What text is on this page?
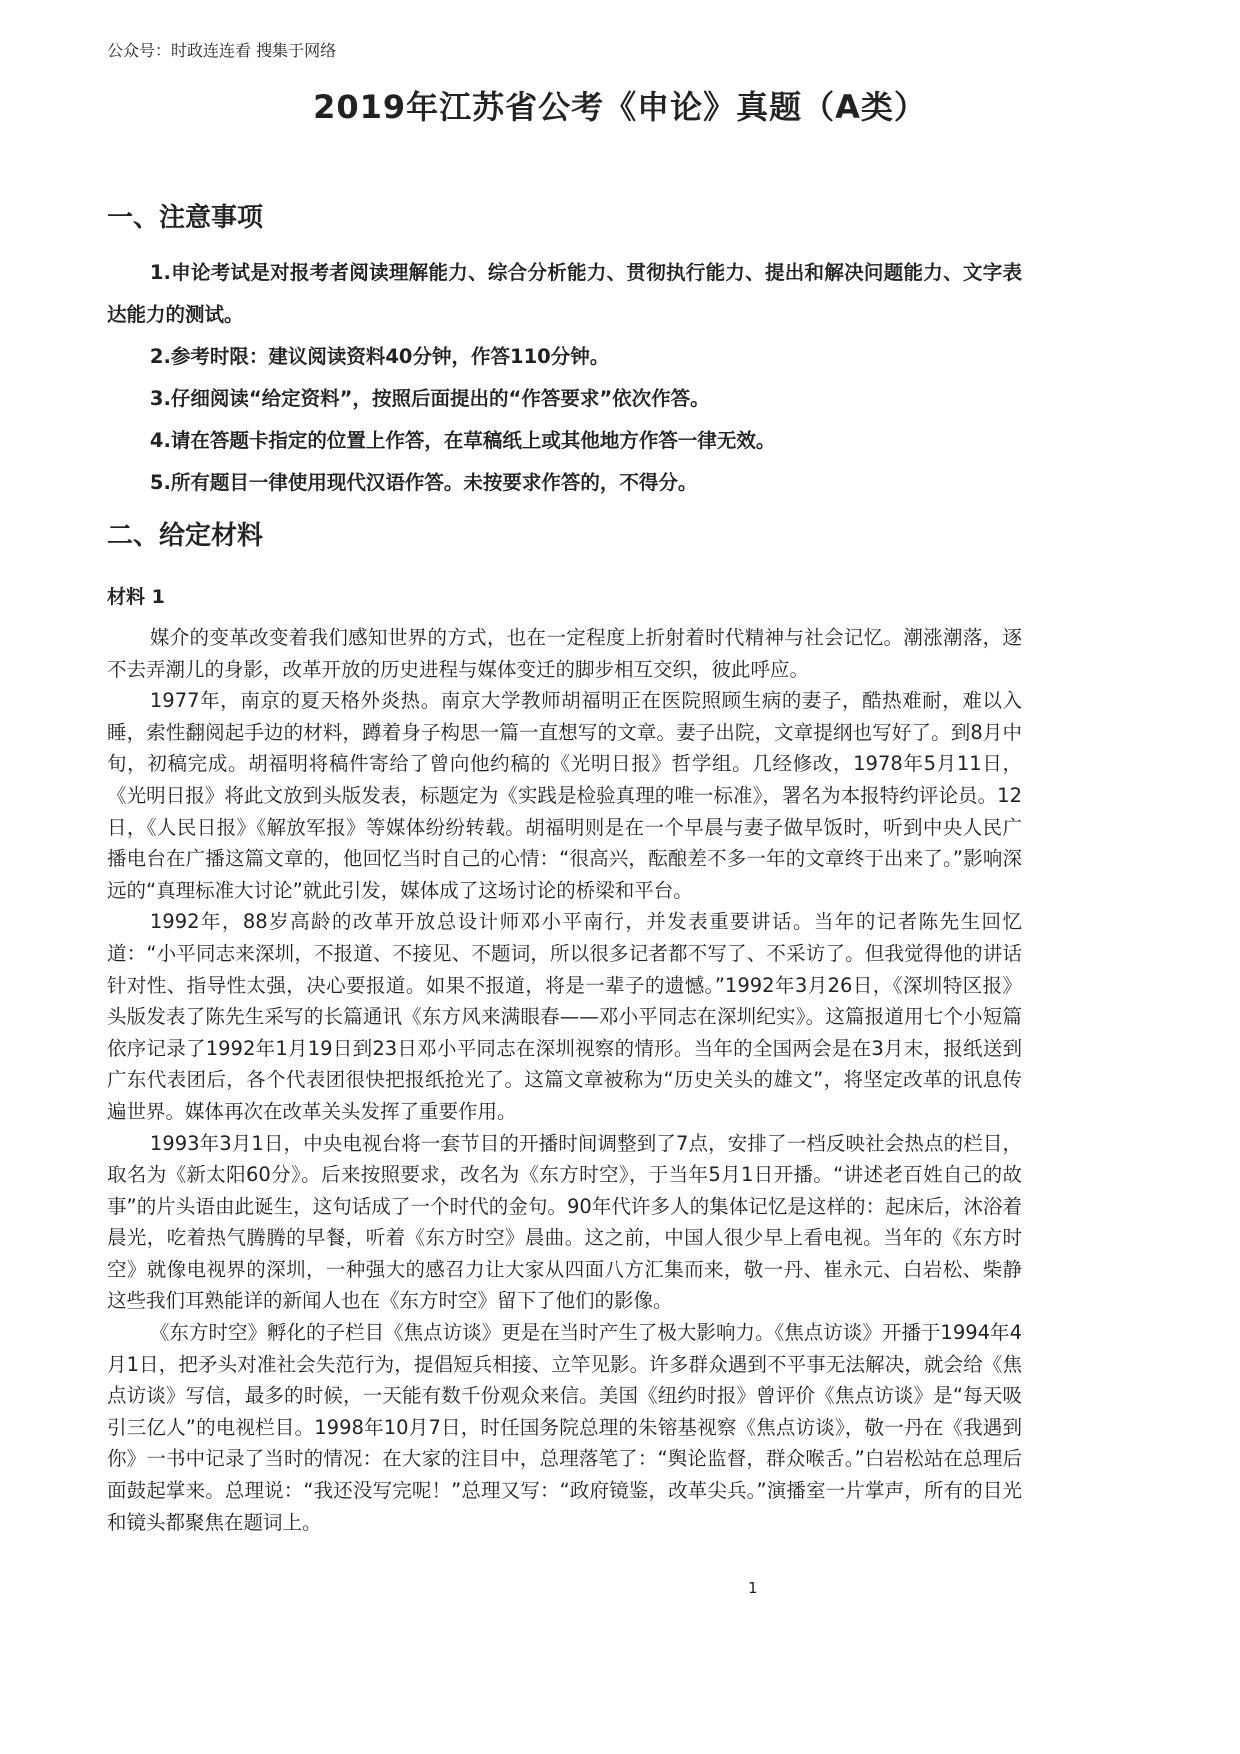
公众号：时政连连看 搜集于网络
2019年江苏省公考《申论》真题（A类）
一、注意事项

1.申论考试是对报考者阅读理解能力、综合分析能力、贯彻执行能力、提出和解决问题能力、文字表达能力的测试。

2.参考时限：建议阅读资料40分钟，作答110分钟。

3.仔细阅读“给定资料”，按照后面提出的“作答要求”依次作答。

4.请在答题卡指定的位置上作答，在草稿纸上或其他地方作答一律无效。

5.所有题目一律使用现代汉语作答。未按要求作答的，不得分。

二、给定材料
材料 1

媒介的变革改变着我们感知世界的方式，也在一定程度上折射着时代精神与社会记忆。潮涨潮落，逐不去弄潮儿的身影，改革开放的历史进程与媒体变迁的脚步相互交织，彼此呼应。

1977年，南京的夏天格外炎热。南京大学教师胡福明正在医院照顾生病的妻子，酷热难耐，难以入睡，索性翻阅起手边的材料，蹲着身子构思一篇一直想写的文章。妻子出院，文章提纲也写好了。到8月中旬，初稿完成。胡福明将稿件寄给了曾向他约稿的《光明日报》哲学组。几经修改，1978年5月11日，《光明日报》将此文放到头版发表，标题定为《实践是检验真理的唯一标准》，署名为本报特约评论员。12日，《人民日报》《解放军报》等媒体纷纷转载。胡福明则是在一个早晨与妻子做早饭时，听到中央人民广播电台在广播这篇文章的，他回忆当时自己的心情：“很高兴，酝酿差不多一年的文章终于出来了。”影响深远的“真理标准大讨论”就此引发，媒体成了这场讨论的桥梁和平台。

1992年，88岁高龄的改革开放总设计师邓小平南行，并发表重要讲话。当年的记者陈先生回忆道：“小平同志来深圳，不报道、不接见、不题词，所以很多记者都不写了、不采访了。但我觉得他的讲话针对性、指导性太强，决心要报道。如果不报道，将是一辈子的遗憾。”1992年3月26日，《深圳特区报》头版发表了陈先生采写的长篇通讯《东方风来满眼春——邓小平同志在深圳纪实》。这篇报道用七个小短篇依序记录了1992年1月19日到23日邓小平同志在深圳视察的情形。当年的全国两会是在3月末，报纸送到广东代表团后，各个代表团很快把报纸抢光了。这篇文章被称为“历史关头的雄文”，将坚定改革的讯息传遍世界。媒体再次在改革关头发挥了重要作用。

1993年3月1日，中央电视台将一套节目的开播时间调整到了7点，安排了一档反映社会热点的栏目，取名为《新太阳60分》。后来按照要求，改名为《东方时空》，于当年5月1日开播。“讲述老百姓自己的故事”的片头语由此诞生，这句话成了一个时代的金句。90年代许多人的集体记忆是这样的：起床后，沐浴着晨光，吃着热气腾腾的早餐，听着《东方时空》晨曲。这之前，中国人很少早上看电视。当年的《东方时空》就像电视界的深圳，一种强大的感召力让大家从四面八方汇集而来，敬一丹、崔永元、白岩松、柴静这些我们耳熟能详的新闻人也在《东方时空》留下了他们的影像。

《东方时空》孵化的子栏目《焦点访谈》更是在当时产生了极大影响力。《焦点访谈》开播于1994年4月1日，把矛头对准社会失范行为，提倡短兵相接、立竿见影。许多群众遇到不平事无法解决，就会给《焦点访谈》写信，最多的时候，一天能有数千份观众来信。美国《纽约时报》曾评价《焦点访谈》是“每天吸引三亿人”的电视栏目。1998年10月7日，时任国务院总理的朱镕基视察《焦点访谈》，敬一丹在《我遇到你》一书中记录了当时的情况：在大家的注目中，总理落笔了：“舆论监督，群众喉舌。”白岩松站在总理后面鼓起掌来。总理说：“我还没写完呢！”总理又写：“政府镜鉴，改革尖兵。”演播室一片掌声，所有的目光和镜头都聚焦在题词上。

1
